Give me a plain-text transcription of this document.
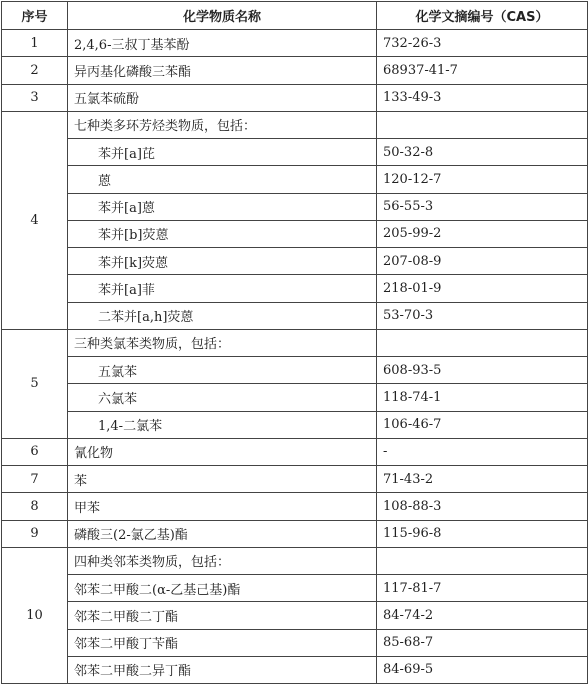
序号	化学物质名称	化学文摘编号（CAS）
1	2,4,6-三叔丁基苯酚	732-26-3
2	异丙基化磷酸三苯酯	68937-41-7
3	五氯苯硫酚	133-49-3
4	七种类多环芳烃类物质，包括：	
	苯并[a]芘	50-32-8
	蒽	120-12-7
	苯并[a]蒽	56-55-3
	苯并[b]荧蒽	205-99-2
	苯并[k]荧蒽	207-08-9
	苯并[a]菲	218-01-9
	二苯并[a,h]荧蒽	53-70-3
5	三种类氯苯类物质，包括：	
	五氯苯	608-93-5
	六氯苯	118-74-1
	1,4-二氯苯	106-46-7
6	氰化物	-
7	苯	71-43-2
8	甲苯	108-88-3
9	磷酸三(2-氯乙基)酯	115-96-8
10	四种类邻苯类物质，包括：	
	邻苯二甲酸二(α-乙基己基)酯	117-81-7
	邻苯二甲酸二丁酯	84-74-2
	邻苯二甲酸丁苄酯	85-68-7
	邻苯二甲酸二异丁酯	84-69-5
